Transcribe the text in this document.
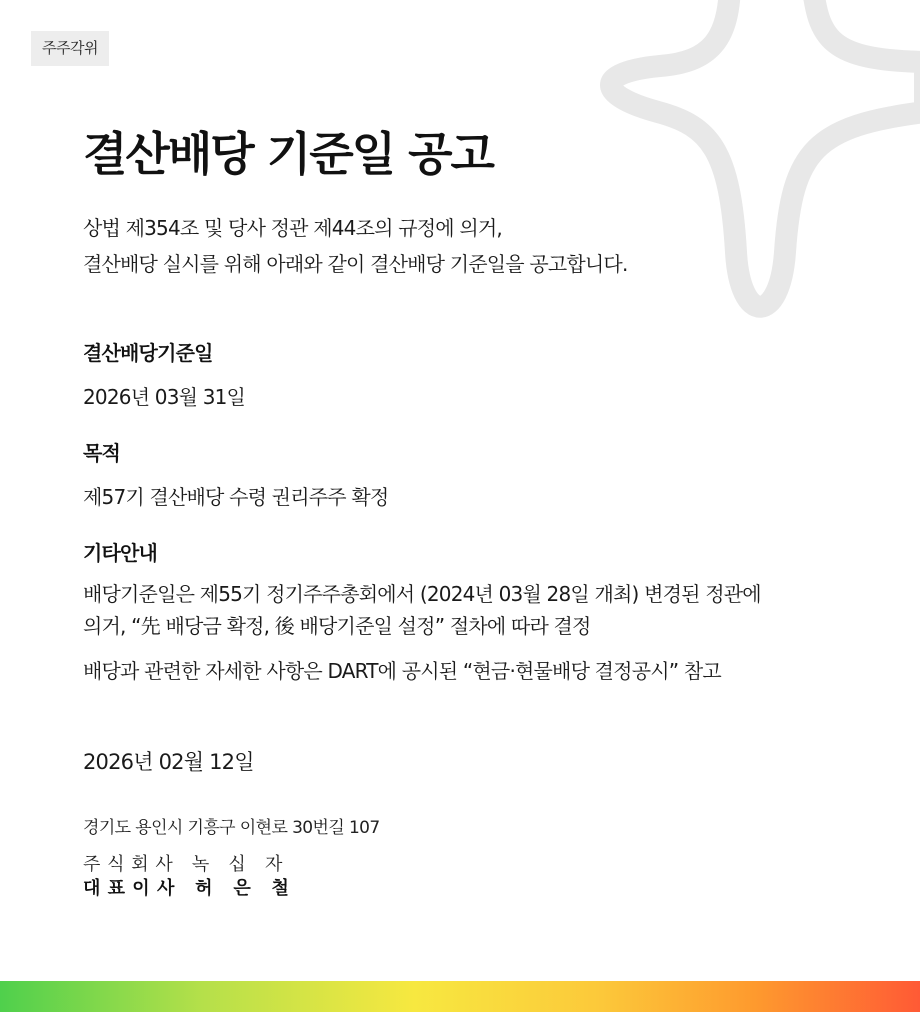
주주각위
결산배당 기준일 공고
상법 제354조 및 당사 정관 제44조의 규정에 의거,
결산배당 실시를 위해 아래와 같이 결산배당 기준일을 공고합니다.
결산배당기준일
2026년 03월 31일
목적
제57기 결산배당 수령 권리주주 확정
기타안내
배당기준일은 제55기 정기주주총회에서 (2024년 03월 28일 개최) 변경된 정관에
의거, “先 배당금 확정, 後 배당기준일 설정” 절차에 따라 결정
배당과 관련한 자세한 사항은 DART에 공시된 “현금·현물배당 결정공시” 참고
2026년 02월 12일
경기도 용인시 기흥구 이현로 30번길 107
주 식 회 사   녹   십   자
대 표 이 사   허   은   철
